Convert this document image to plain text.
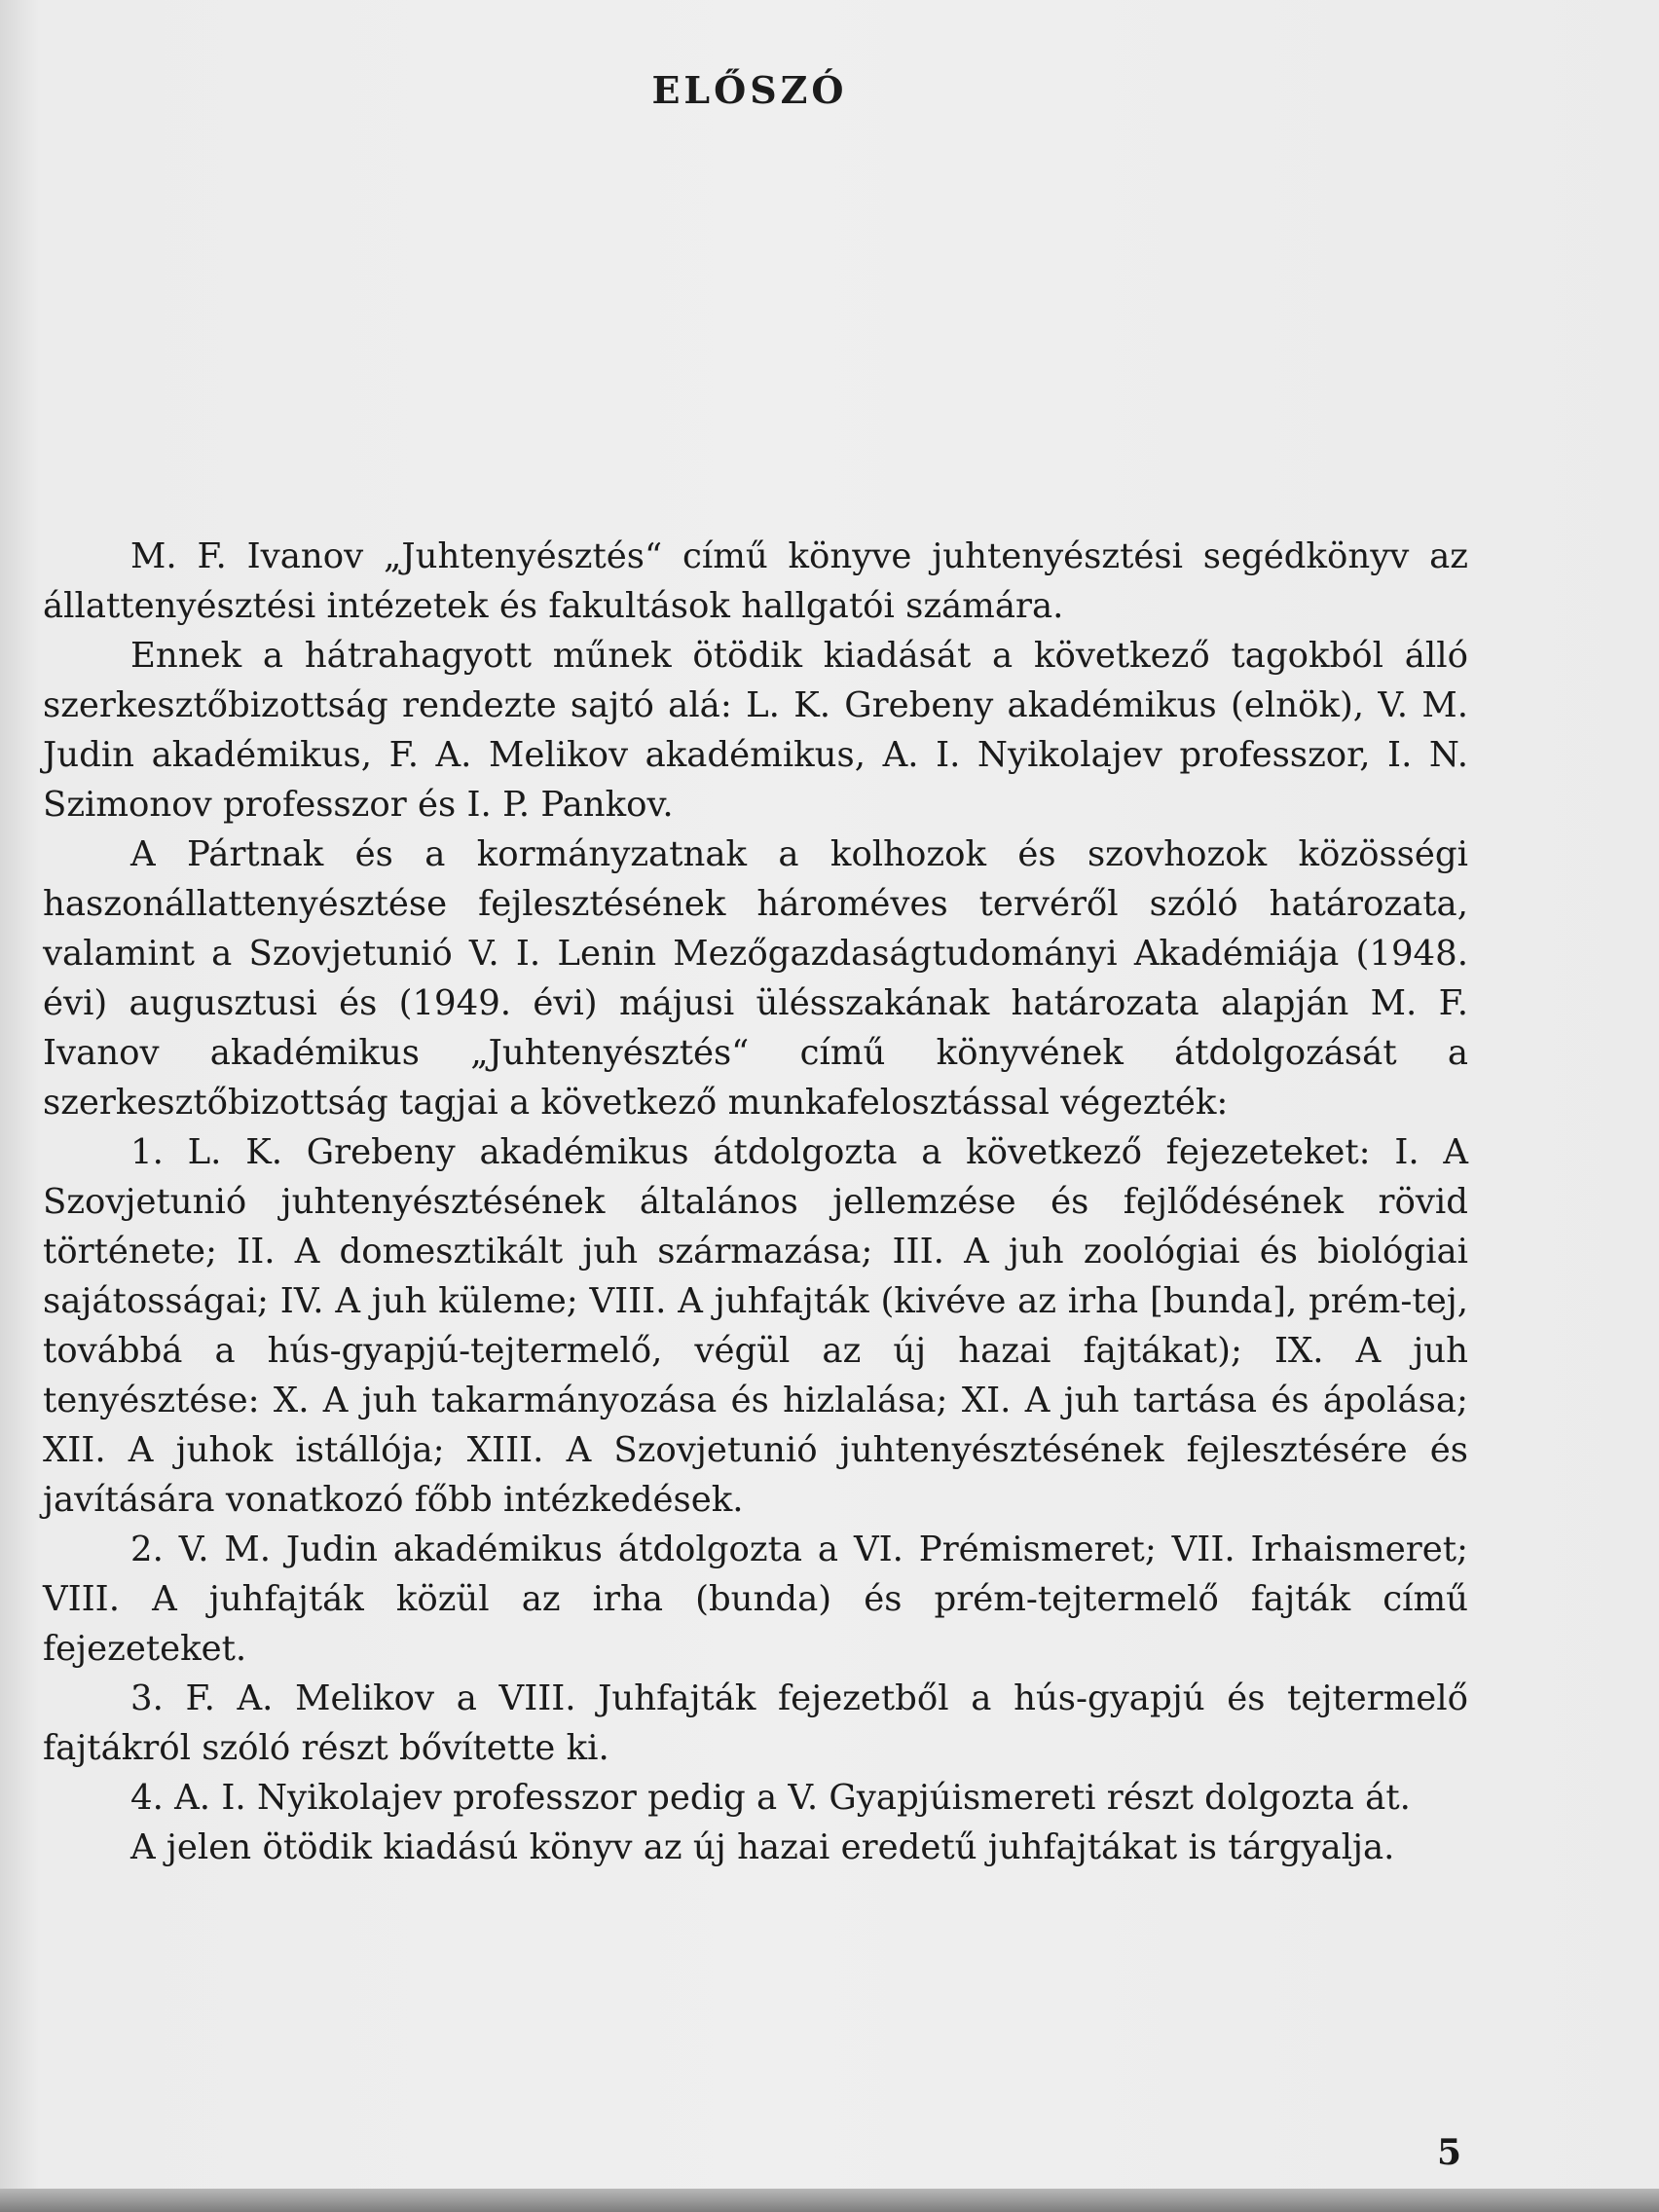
ELŐSZÓ

M. F. Ivanov „Juhtenyésztés“ című könyve juhtenyésztési segédkönyv az állattenyésztési intézetek és fakultások hallgatói számára.

Ennek a hátrahagyott műnek ötödik kiadását a következő tagokból álló szerkesztőbizottság rendezte sajtó alá: L. K. Grebeny akadémikus (elnök), V. M. Judin akadémikus, F. A. Melikov akadémikus, A. I. Nyikolajev professzor, I. N. Szimonov professzor és I. P. Pankov.

A Pártnak és a kormányzatnak a kolhozok és szovhozok közösségi haszonállattenyésztése fejlesztésének hároméves tervéről szóló határozata, valamint a Szovjetunió V. I. Lenin Mezőgazdaságtudományi Akadémiája (1948. évi) augusztusi és (1949. évi) májusi ülésszakának határozata alapján M. F. Ivanov akadémikus „Juhtenyésztés“ című könyvének átdolgozását a szerkesztőbizottság tagjai a következő munkafelosztással végezték:

1. L. K. Grebeny akadémikus átdolgozta a következő fejezeteket: I. A Szovjetunió juhtenyésztésének általános jellemzése és fejlődésének rövid története; II. A domesztikált juh származása; III. A juh zoológiai és biológiai sajátosságai; IV. A juh küleme; VIII. A juhfajták (kivéve az irha [bunda], prém-tej, továbbá a hús-gyapjú-tejtermelő, végül az új hazai fajtákat); IX. A juh tenyésztése: X. A juh takarmányozása és hizlalása; XI. A juh tartása és ápolása; XII. A juhok istállója; XIII. A Szovjetunió juhtenyésztésének fejlesztésére és javítására vonatkozó főbb intézkedések.

2. V. M. Judin akadémikus átdolgozta a VI. Prémismeret; VII. Irhaismeret; VIII. A juhfajták közül az irha (bunda) és prém-tejtermelő fajták című fejezeteket.

3. F. A. Melikov a VIII. Juhfajták fejezetből a hús-gyapjú és tejtermelő fajtákról szóló részt bővítette ki.

4. A. I. Nyikolajev professzor pedig a V. Gyapjúismereti részt dolgozta át.

A jelen ötödik kiadású könyv az új hazai eredetű juhfajtákat is tárgyalja.

5
